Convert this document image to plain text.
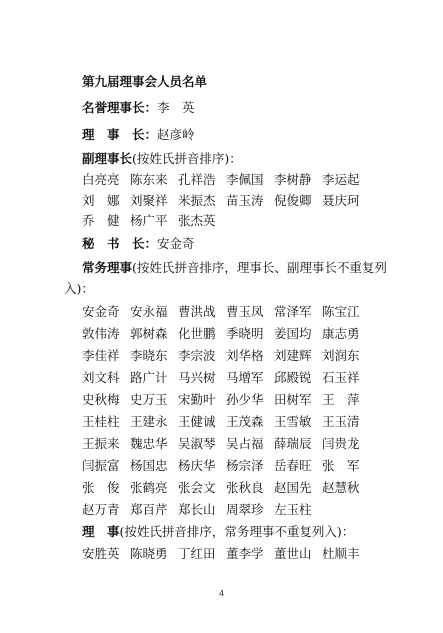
第九届理事会人员名单
名誉理事长：李　英
理　事　长：赵彦岭
副理事长(按姓氏拼音排序)：
白亮亮 陈东来 孔祥浩 李佩国 李树静 李运起
刘　娜 刘聚祥 米振杰 苗玉涛 倪俊卿 聂庆珂
乔　健 杨广平 张杰英
秘　书　长：安金奇
常务理事(按姓氏拼音排序，理事长、副理事长不重复列
入)：
安金奇 安永福 曹洪战 曹玉凤 常泽军 陈宝江
敦伟涛 郭树森 化世鹏 季晓明 姜国均 康志勇
李佳祥 李晓东 李宗波 刘华格 刘建辉 刘润东
刘文科 路广计 马兴树 马增军 邱殿锐 石玉祥
史秋梅 史万玉 宋勤叶 孙少华 田树军 王　萍
王桂柱 王建永 王健诚 王茂森 王雪敏 王玉清
王振来 魏忠华 吴淑琴 吴占福 薛瑞辰 闫贵龙
闫振富 杨国忠 杨庆华 杨宗泽 岳春旺 张　军
张　俊 张鹤亮 张会文 张秋良 赵国先 赵慧秋
赵万青 郑百芹 郑长山 周翠珍 左玉柱
理　事(按姓氏拼音排序，常务理事不重复列入)：
安胜英 陈晓勇 丁红田 董李学 董世山 杜顺丰
4
